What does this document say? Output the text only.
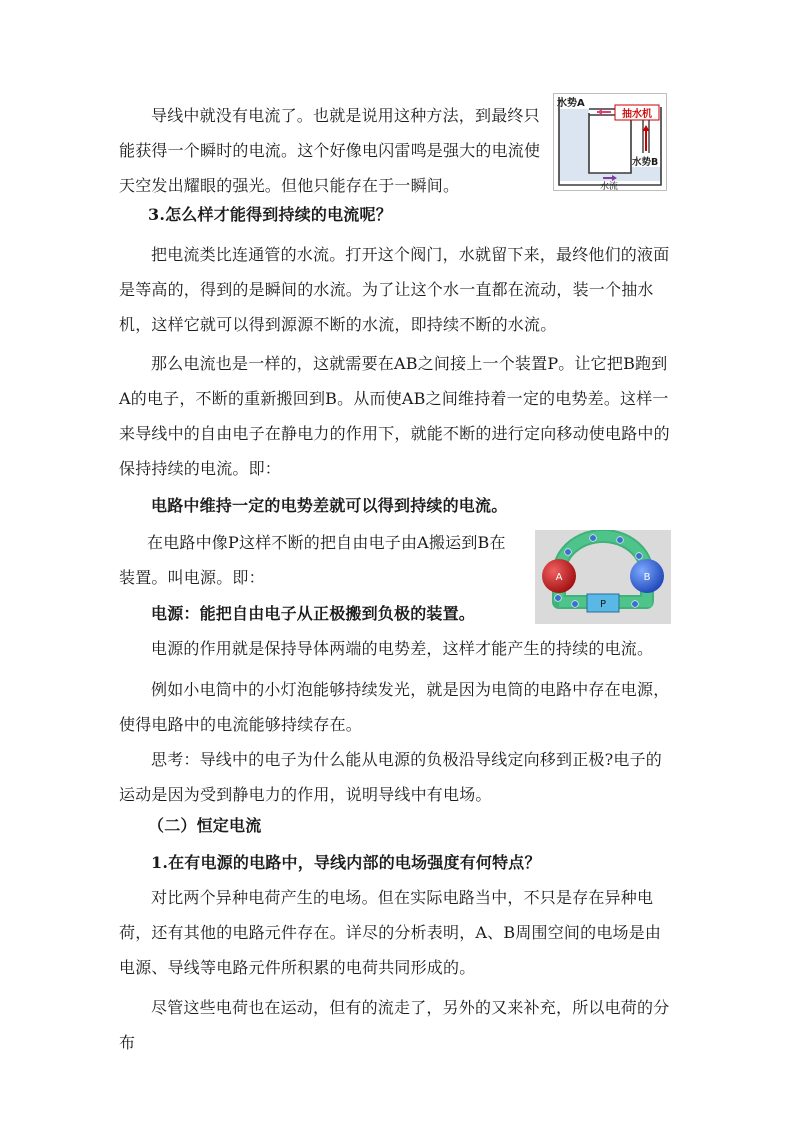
导线中就没有电流了。也就是说用这种方法，到最终只能获得一个瞬时的电流。这个好像电闪雷鸣是强大的电流使天空发出耀眼的强光。但他只能存在于一瞬间。

抽水机
水势A
水势B
水流

3.怎么样才能得到持续的电流呢？

把电流类比连通管的水流。打开这个阀门，水就留下来，最终他们的液面是等高的，得到的是瞬间的水流。为了让这个水一直都在流动，装一个抽水机，这样它就可以得到源源不断的水流，即持续不断的水流。

那么电流也是一样的，这就需要在AB之间接上一个装置P。让它把B跑到A的电子，不断的重新搬回到B。从而使AB之间维持着一定的电势差。这样一来导线中的自由电子在静电力的作用下，就能不断的进行定向移动使电路中的保持持续的电流。即：

电路中维持一定的电势差就可以得到持续的电流。

在电路中像P这样不断的把自由电子由A搬运到B在装置。叫电源。即：	A	B
P

电源：能把自由电子从正极搬到负极的装置。

电源的作用就是保持导体两端的电势差，这样才能产生的持续的电流。

例如小电筒中的小灯泡能够持续发光，就是因为电筒的电路中存在电源，使得电路中的电流能够持续存在。

思考：导线中的电子为什么能从电源的负极沿导线定向移到正极?电子的运动是因为受到静电力的作用，说明导线中有电场。

（二）恒定电流

1.在有电源的电路中，导线内部的电场强度有何特点？

对比两个异种电荷产生的电场。但在实际电路当中，不只是存在异种电荷，还有其他的电路元件存在。详尽的分析表明，A、B周围空间的电场是由电源、导线等电路元件所积累的电荷共同形成的。

尽管这些电荷也在运动，但有的流走了，另外的又来补充，所以电荷的分布
